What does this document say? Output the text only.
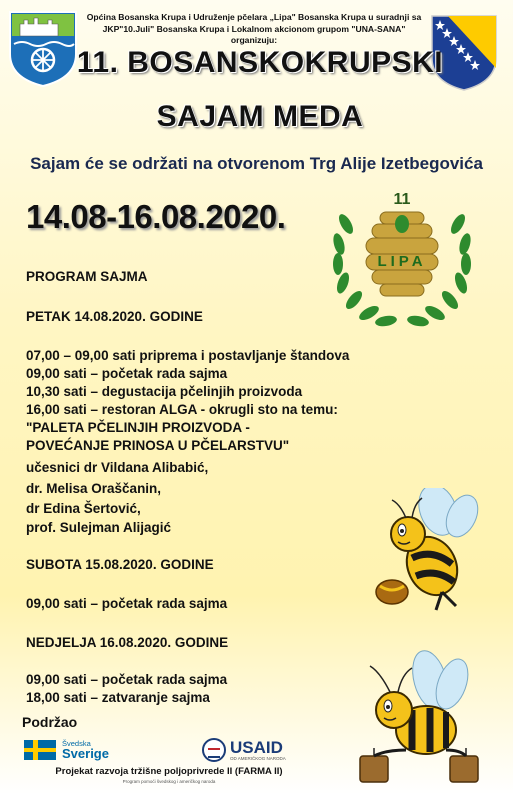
Općina Bosanska Krupa i Udruženje pčelara „Lipa" Bosanska Krupa u suradnji sa
JKP"10.Juli" Bosanska Krupa i Lokalnom akcionom grupom "UNA-SANA" organizuju:
11. BOSANSKOKRUPSKI
SAJAM MEDA
Sajam će se održati na otvorenom Trg Alije Izetbegovića
14.08-16.08.2020.	11
LIPA
PROGRAM SAJMA
PETAK 14.08.2020. GODINE
07,00 – 09,00 sati priprema i postavljanje štandova
09,00 sati – početak rada sajma
10,30 sati – degustacija pčelinjih proizvoda
16,00 sati – restoran ALGA - okrugli sto na temu:
"PALETA PČELINJIH PROIZVODA -
POVEĆANJE PRINOSA U PČELARSTVU"
učesnici dr Vildana Alibabić,
dr. Melisa Oraščanin,
dr Edina Šertović,
prof. Sulejman Alijagić
SUBOTA 15.08.2020. GODINE
09,00 sati – početak rada sajma
NEDJELJA 16.08.2020. GODINE
09,00 sati – početak rada sajma
18,00 sati – zatvaranje sajma
Podržao
Švedska
Sverige	USAID
OD AMERIČKOG NARODA
Projekat razvoja tržišne poljoprivrede II (FARMA II)
Program pomoći švedskog i američkog naroda
